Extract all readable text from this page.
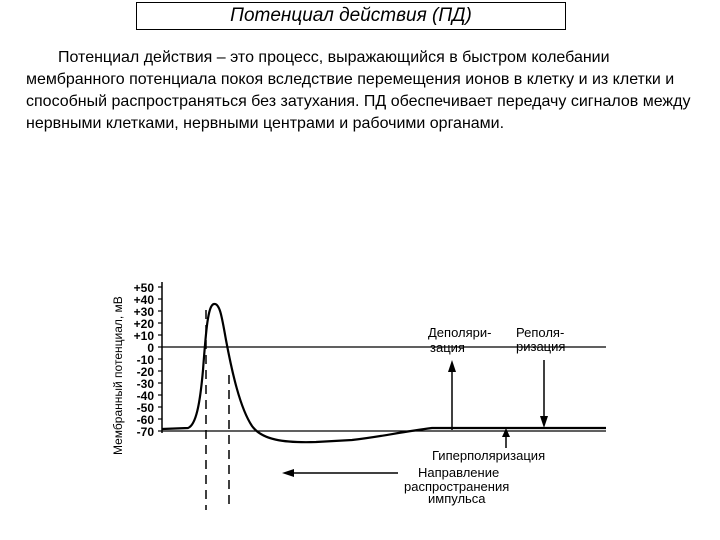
Потенциал действия (ПД)

Потенциал действия – это процесс, выражающийся в быстром колебании мембранного потенциала покоя вследствие перемещения ионов в клетку и из клетки и способный распространяться без затухания. ПД обеспечивает передачу сигналов между нервными клетками, нервными центрами и рабочими органами.

Мембранный потенциал, мВ
+50
+40
+30
+20
+10
0
-10
-20
-30
-40
-50
-60
-70
Деполяри-
зация
Реполя-
ризация
Гиперполяризация
Направление
распространения
импульса
